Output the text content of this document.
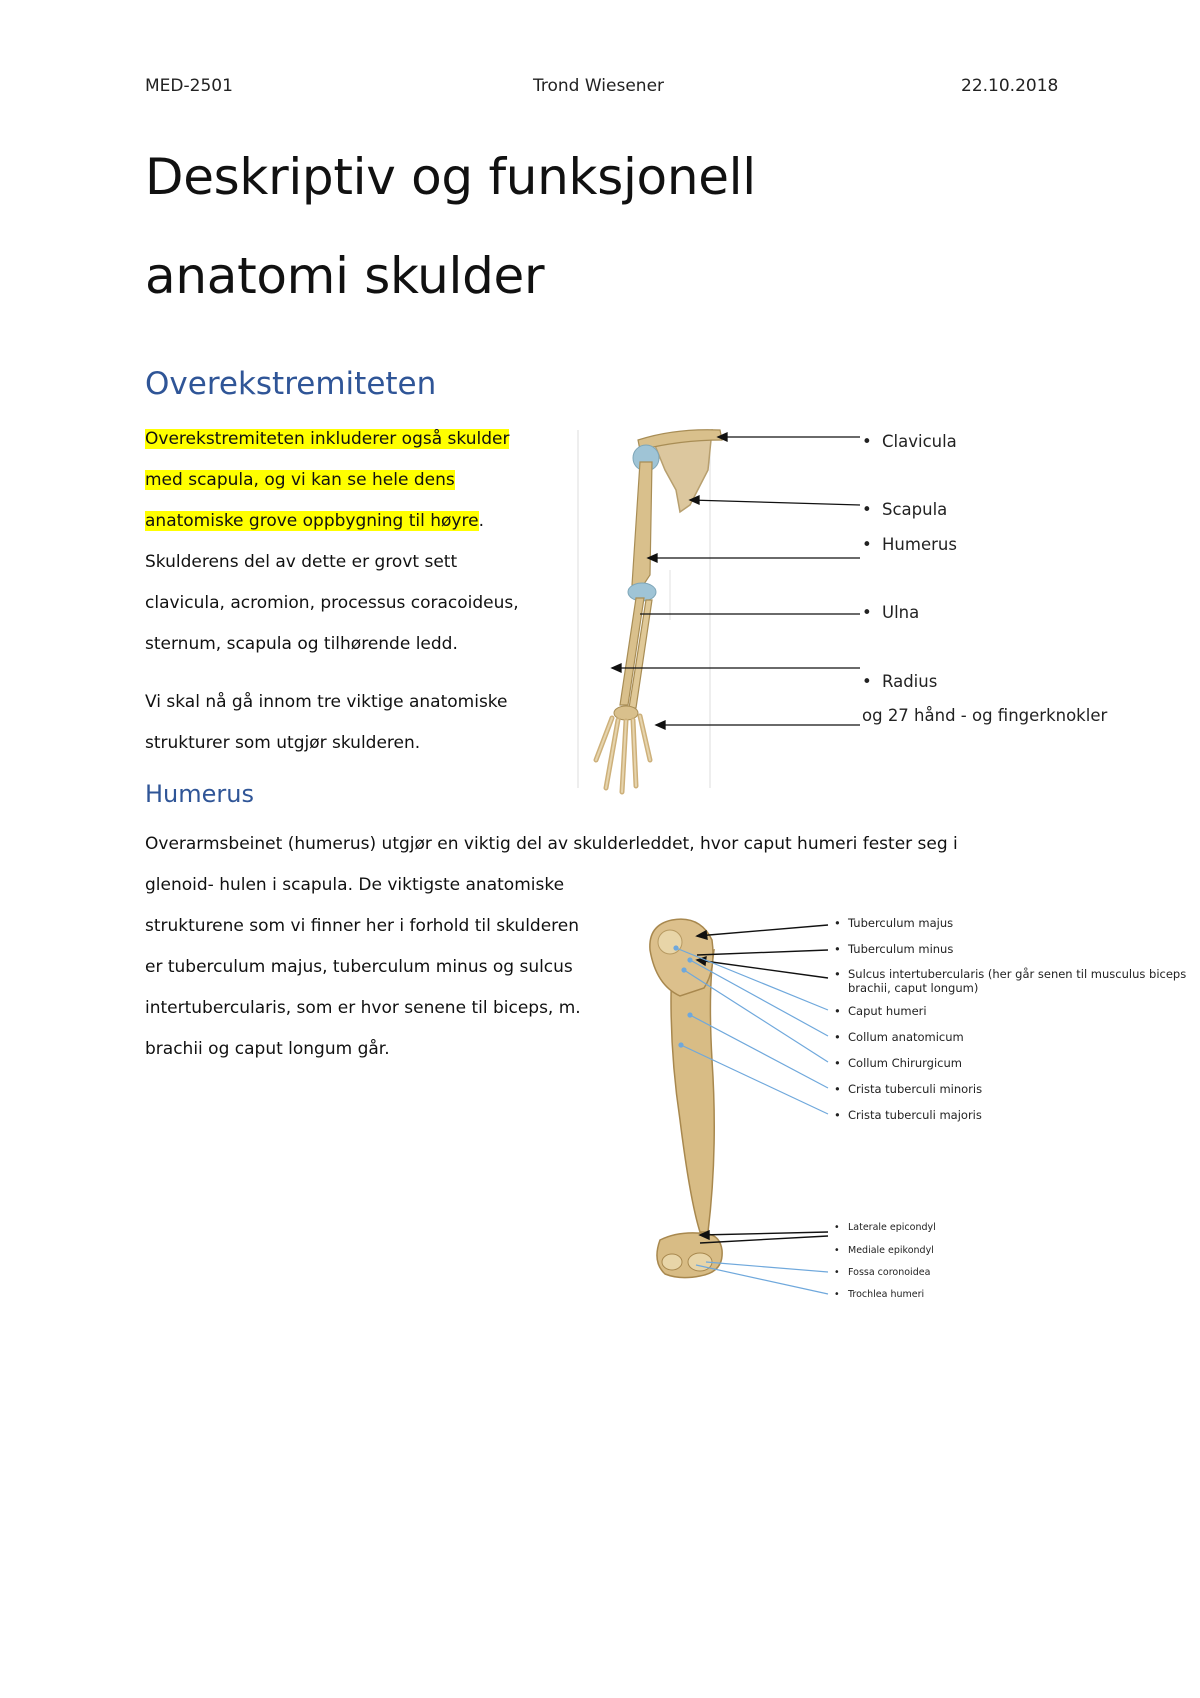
MED-2501	Trond Wiesener	22.10.2018
Deskriptiv og funksjonell
anatomi skulder
Overekstremiteten

Overekstremiteten inkluderer også skulder

med scapula, og vi kan se hele dens

anatomiske grove oppbygning til høyre.

Skulderens del av dette er grovt sett

clavicula, acromion, processus coracoideus,

sternum, scapula og tilhørende ledd.

Vi skal nå gå innom tre viktige anatomiske

strukturer som utgjør skulderen.

• Clavicula
• Scapula
• Humerus
• Ulna
• Radius
og 27 hånd - og fingerknokler
Humerus

Overarmsbeinet (humerus) utgjør en viktig del av skulderleddet, hvor caput humeri fester seg i

glenoid- hulen i scapula. De viktigste anatomiske

strukturene som vi finner her i forhold til skulderen

er tuberculum majus, tuberculum minus og sulcus

intertubercularis, som er hvor senene til biceps, m.

brachii og caput longum går.

• Tuberculum majus
• Tuberculum minus
• Sulcus intertubercularis (her går senen til musculus biceps
brachii, caput longum)
• Caput humeri
• Collum anatomicum
• Collum Chirurgicum
• Crista tuberculi minoris
• Crista tuberculi majoris
• Laterale epicondyl
• Mediale epikondyl
• Fossa coronoidea
• Trochlea humeri
